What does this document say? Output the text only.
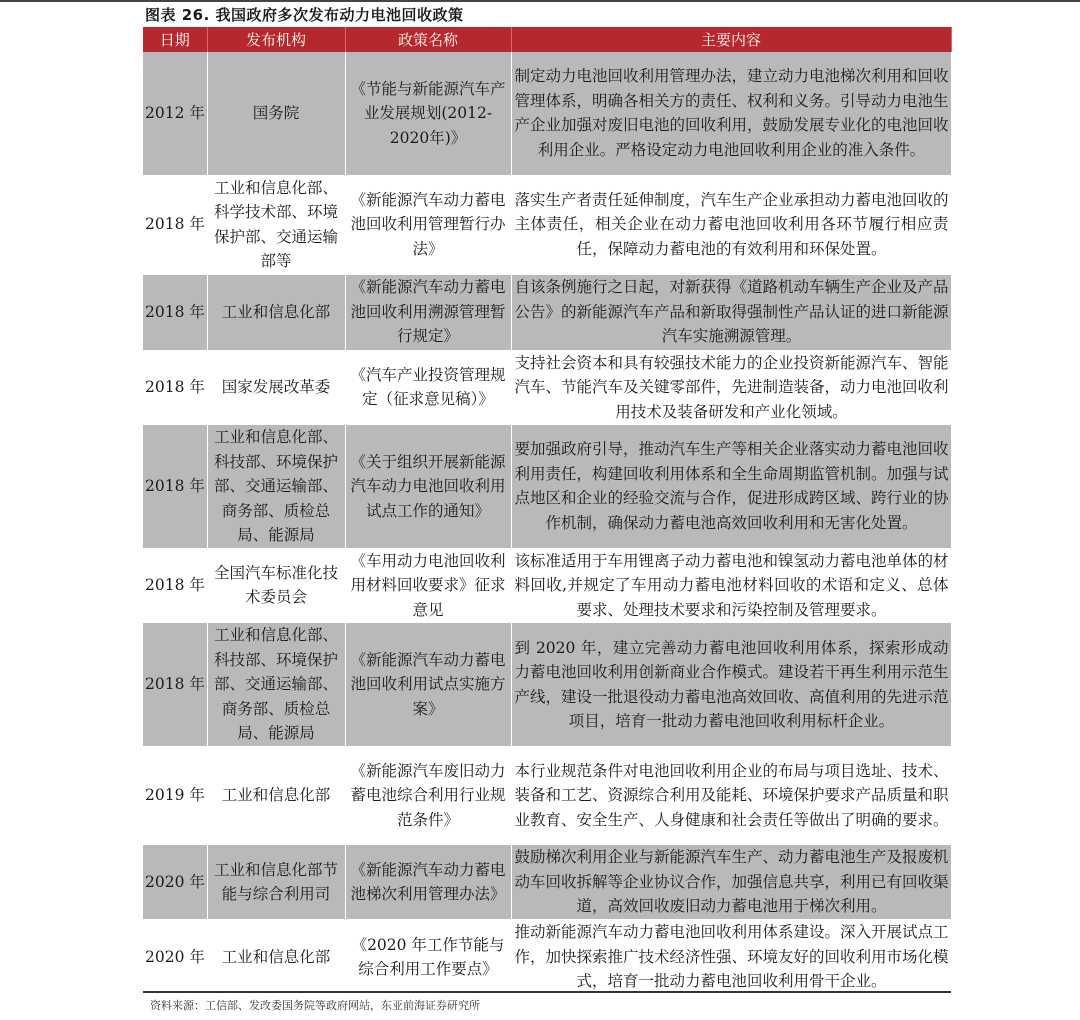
图表 26. 我国政府多次发布动力电池回收政策
日期	发布机构	政策名称	主要内容
2012 年	国务院	《节能与新能源汽车产业发展规划(2012-2020年)》	制定动力电池回收利用管理办法，建立动力电池梯次利用和回收管理体系，明确各相关方的责任、权利和义务。引导动力电池生产企业加强对废旧电池的回收利用，鼓励发展专业化的电池回收利用企业。严格设定动力电池回收利用企业的准入条件。
2018 年	工业和信息化部、科学技术部、环境保护部、交通运输部等	《新能源汽车动力蓄电池回收利用管理暂行办法》	落实生产者责任延伸制度，汽车生产企业承担动力蓄电池回收的主体责任，相关企业在动力蓄电池回收利用各环节履行相应责任，保障动力蓄电池的有效利用和环保处置。
2018 年	工业和信息化部	《新能源汽车动力蓄电池回收利用溯源管理暂行规定》	自该条例施行之日起，对新获得《道路机动车辆生产企业及产品公告》的新能源汽车产品和新取得强制性产品认证的进口新能源汽车实施溯源管理。
2018 年	国家发展改革委	《汽车产业投资管理规定（征求意见稿）》	支持社会资本和具有较强技术能力的企业投资新能源汽车、智能汽车、节能汽车及关键零部件，先进制造装备，动力电池回收利用技术及装备研发和产业化领域。
2018 年	工业和信息化部、科技部、环境保护部、交通运输部、商务部、质检总局、能源局	《关于组织开展新能源汽车动力电池回收利用试点工作的通知》	要加强政府引导，推动汽车生产等相关企业落实动力蓄电池回收利用责任，构建回收利用体系和全生命周期监管机制。加强与试点地区和企业的经验交流与合作，促进形成跨区域、跨行业的协作机制，确保动力蓄电池高效回收利用和无害化处置。
2018 年	全国汽车标准化技术委员会	《车用动力电池回收利用材料回收要求》征求意见	该标准适用于车用锂离子动力蓄电池和镍氢动力蓄电池单体的材料回收,并规定了车用动力蓄电池材料回收的术语和定义、总体要求、处理技术要求和污染控制及管理要求。
2018 年	工业和信息化部、科技部、环境保护部、交通运输部、商务部、质检总局、能源局	《新能源汽车动力蓄电池回收利用试点实施方案》	到 2020 年，建立完善动力蓄电池回收利用体系，探索形成动力蓄电池回收利用创新商业合作模式。建设若干再生利用示范生产线，建设一批退役动力蓄电池高效回收、高值利用的先进示范项目，培育一批动力蓄电池回收利用标杆企业。
2019 年	工业和信息化部	《新能源汽车废旧动力蓄电池综合利用行业规范条件》	本行业规范条件对电池回收利用企业的布局与项目选址、技术、装备和工艺、资源综合利用及能耗、环境保护要求产品质量和职业教育、安全生产、人身健康和社会责任等做出了明确的要求。
2020 年	工业和信息化部节能与综合利用司	《新能源汽车动力蓄电池梯次利用管理办法》	鼓励梯次利用企业与新能源汽车生产、动力蓄电池生产及报废机动车回收拆解等企业协议合作，加强信息共享，利用已有回收渠道，高效回收废旧动力蓄电池用于梯次利用。
2020 年	工业和信息化部	《2020 年工作节能与综合利用工作要点》	推动新能源汽车动力蓄电池回收利用体系建设。深入开展试点工作，加快探索推广技术经济性强、环境友好的回收利用市场化模式，培育一批动力蓄电池回收利用骨干企业。
资料来源：工信部、发改委国务院等政府网站，东亚前海证券研究所
